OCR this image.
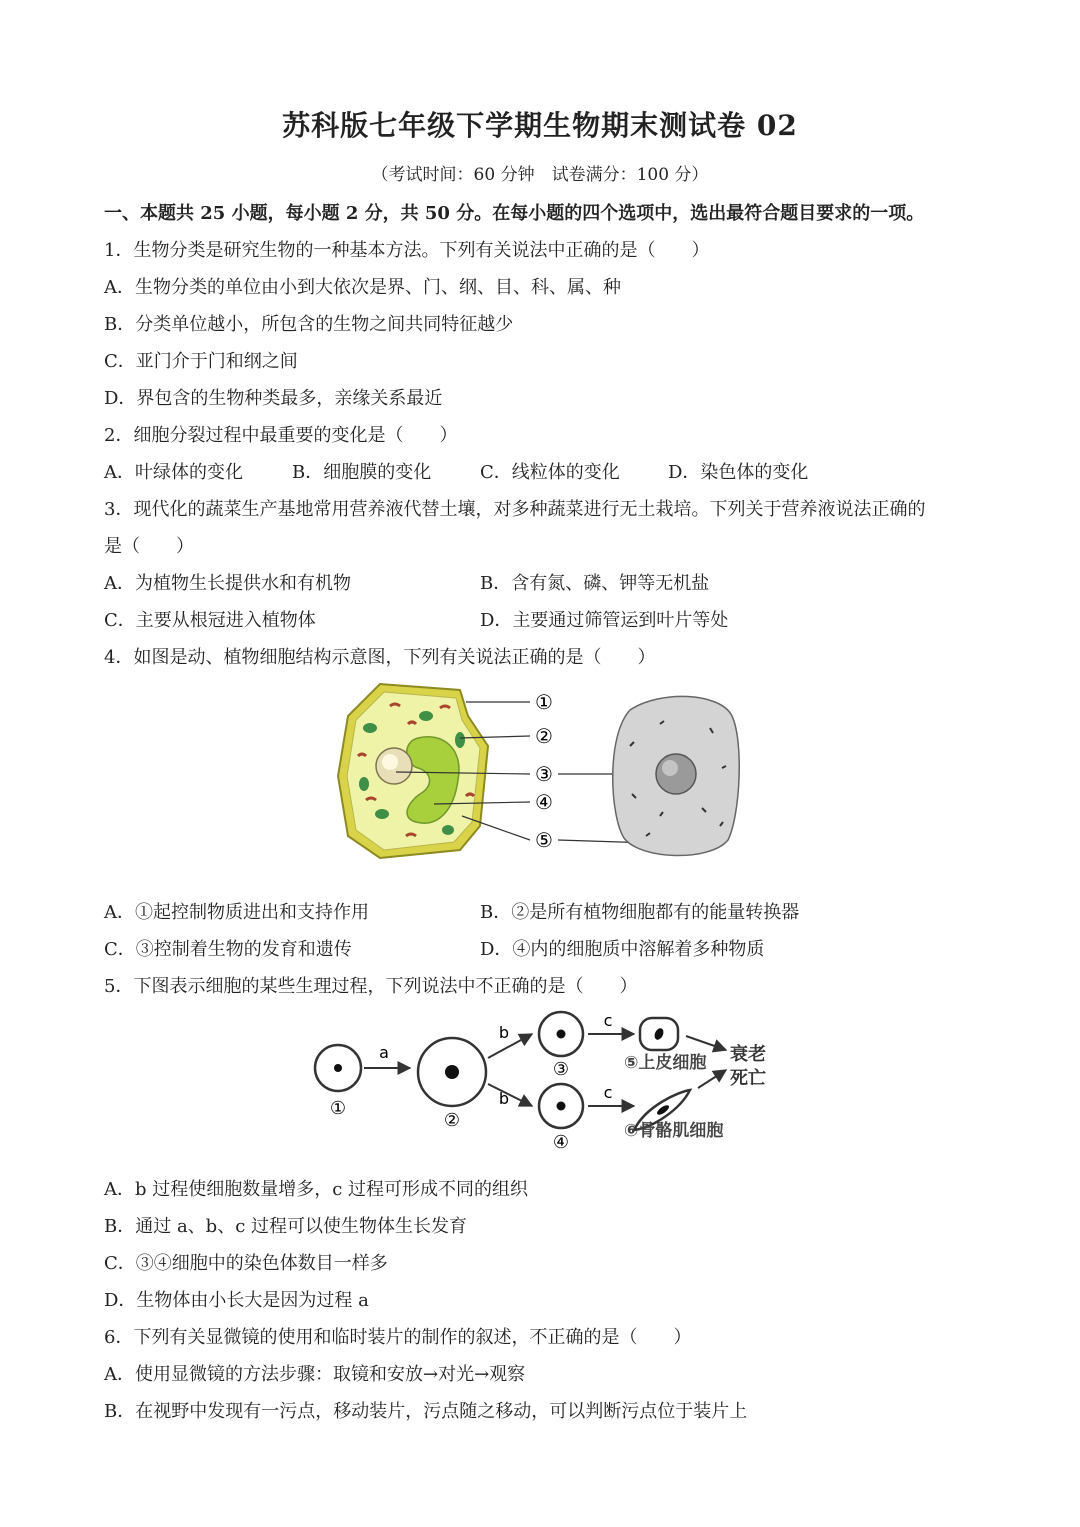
苏科版七年级下学期生物期末测试卷 02
（考试时间：60 分钟　试卷满分：100 分）
一、本题共 25 小题，每小题 2 分，共 50 分。在每小题的四个选项中，选出最符合题目要求的一项。
1．生物分类是研究生物的一种基本方法。下列有关说法中正确的是（　　）
A．生物分类的单位由小到大依次是界、门、纲、目、科、属、种
B．分类单位越小，所包含的生物之间共同特征越少
C．亚门介于门和纲之间
D．界包含的生物种类最多，亲缘关系最近
2．细胞分裂过程中最重要的变化是（　　）
A．叶绿体的变化	B．细胞膜的变化	C．线粒体的变化	D．染色体的变化
3．现代化的蔬菜生产基地常用营养液代替土壤，对多种蔬菜进行无土栽培。下列关于营养液说法正确的
是（　　）
A．为植物生长提供水和有机物	B．含有氮、磷、钾等无机盐
C．主要从根冠进入植物体	D．主要通过筛管运到叶片等处
4．如图是动、植物细胞结构示意图，下列有关说法正确的是（　　）
①
②
③
④
⑤
A．①起控制物质进出和支持作用	B．②是所有植物细胞都有的能量转换器
C．③控制着生物的发育和遗传	D．④内的细胞质中溶解着多种物质
5．下图表示细胞的某些生理过程，下列说法中不正确的是（　　）
①
a
②
b
b
③
④
c
c
⑤上皮细胞
⑥骨骼肌细胞
衰老
死亡
A．b 过程使细胞数量增多，c 过程可形成不同的组织
B．通过 a、b、c 过程可以使生物体生长发育
C．③④细胞中的染色体数目一样多
D．生物体由小长大是因为过程 a
6．下列有关显微镜的使用和临时装片的制作的叙述，不正确的是（　　）
A．使用显微镜的方法步骤：取镜和安放→对光→观察
B．在视野中发现有一污点，移动装片，污点随之移动，可以判断污点位于装片上
